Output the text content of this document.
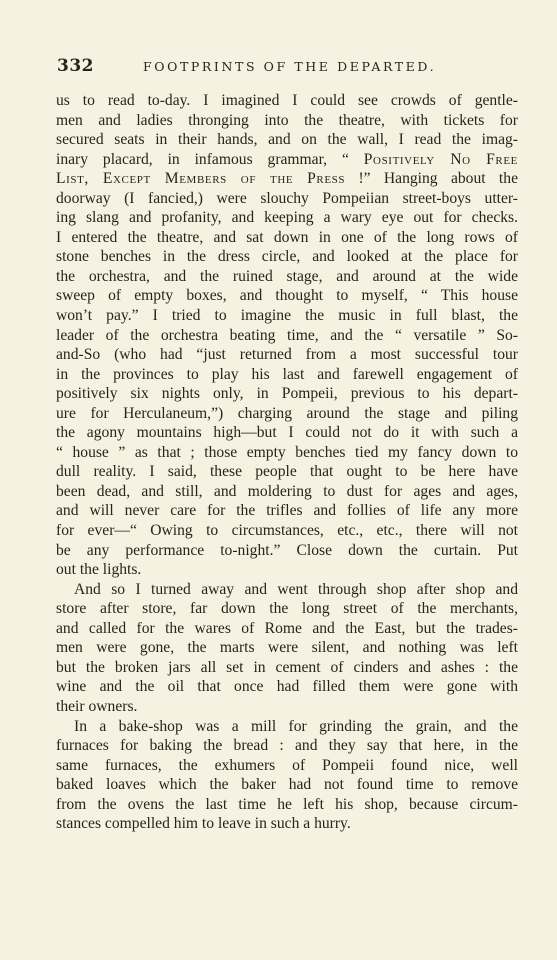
332	FOOTPRINTS OF THE DEPARTED.
us to read to-day. I imagined I could see crowds of gentle-
men and ladies thronging into the theatre, with tickets for
secured seats in their hands, and on the wall, I read the imag-
inary placard, in infamous grammar, “ Positively No Free
List, Except Members of the Press !” Hanging about the
doorway (I fancied,) were slouchy Pompeiian street-boys utter-
ing slang and profanity, and keeping a wary eye out for checks.
I entered the theatre, and sat down in one of the long rows of
stone benches in the dress circle, and looked at the place for
the orchestra, and the ruined stage, and around at the wide
sweep of empty boxes, and thought to myself, “ This house
won’t pay.” I tried to imagine the music in full blast, the
leader of the orchestra beating time, and the “ versatile ” So-
and-So (who had “just returned from a most successful tour
in the provinces to play his last and farewell engagement of
positively six nights only, in Pompeii, previous to his depart-
ure for Herculaneum,”) charging around the stage and piling
the agony mountains high—but I could not do it with such a
“ house ” as that ; those empty benches tied my fancy down to
dull reality. I said, these people that ought to be here have
been dead, and still, and moldering to dust for ages and ages,
and will never care for the trifles and follies of life any more
for ever—“ Owing to circumstances, etc., etc., there will not
be any performance to-night.” Close down the curtain. Put
out the lights.
And so I turned away and went through shop after shop and
store after store, far down the long street of the merchants,
and called for the wares of Rome and the East, but the trades-
men were gone, the marts were silent, and nothing was left
but the broken jars all set in cement of cinders and ashes : the
wine and the oil that once had filled them were gone with
their owners.
In a bake-shop was a mill for grinding the grain, and the
furnaces for baking the bread : and they say that here, in the
same furnaces, the exhumers of Pompeii found nice, well
baked loaves which the baker had not found time to remove
from the ovens the last time he left his shop, because circum-
stances compelled him to leave in such a hurry.
